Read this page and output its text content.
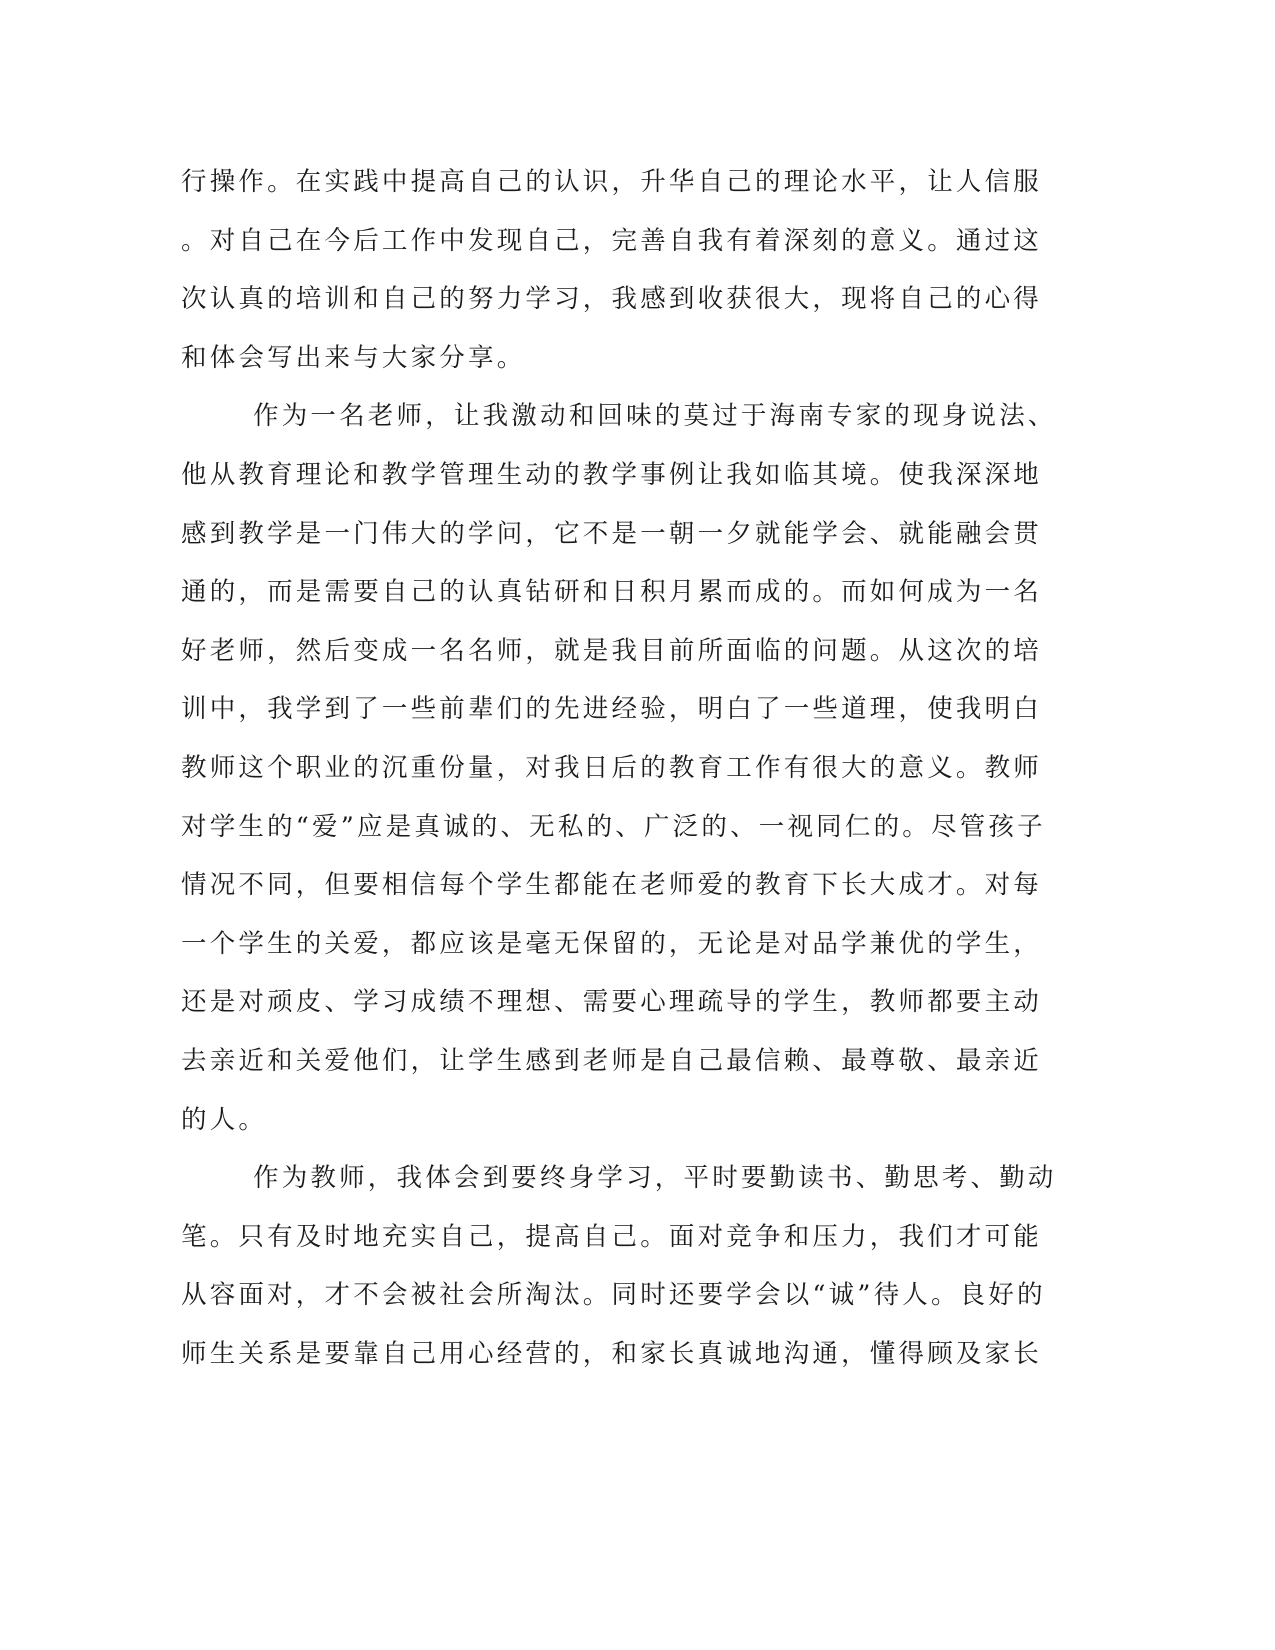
行操作。在实践中提高自己的认识，升华自己的理论水平，让人信服
。对自己在今后工作中发现自己，完善自我有着深刻的意义。通过这
次认真的培训和自己的努力学习，我感到收获很大，现将自己的心得
和体会写出来与大家分享。
作为一名老师，让我激动和回味的莫过于海南专家的现身说法、
他从教育理论和教学管理生动的教学事例让我如临其境。使我深深地
感到教学是一门伟大的学问，它不是一朝一夕就能学会、就能融会贯
通的，而是需要自己的认真钻研和日积月累而成的。而如何成为一名
好老师，然后变成一名名师，就是我目前所面临的问题。从这次的培
训中，我学到了一些前辈们的先进经验，明白了一些道理，使我明白
教师这个职业的沉重份量，对我日后的教育工作有很大的意义。教师
对学生的“爱”应是真诚的、无私的、广泛的、一视同仁的。尽管孩子
情况不同，但要相信每个学生都能在老师爱的教育下长大成才。对每
一个学生的关爱，都应该是毫无保留的，无论是对品学兼优的学生，
还是对顽皮、学习成绩不理想、需要心理疏导的学生，教师都要主动
去亲近和关爱他们，让学生感到老师是自己最信赖、最尊敬、最亲近
的人。
作为教师，我体会到要终身学习，平时要勤读书、勤思考、勤动
笔。只有及时地充实自己，提高自己。面对竞争和压力，我们才可能
从容面对，才不会被社会所淘汰。同时还要学会以“诚”待人。良好的
师生关系是要靠自己用心经营的，和家长真诚地沟通，懂得顾及家长
